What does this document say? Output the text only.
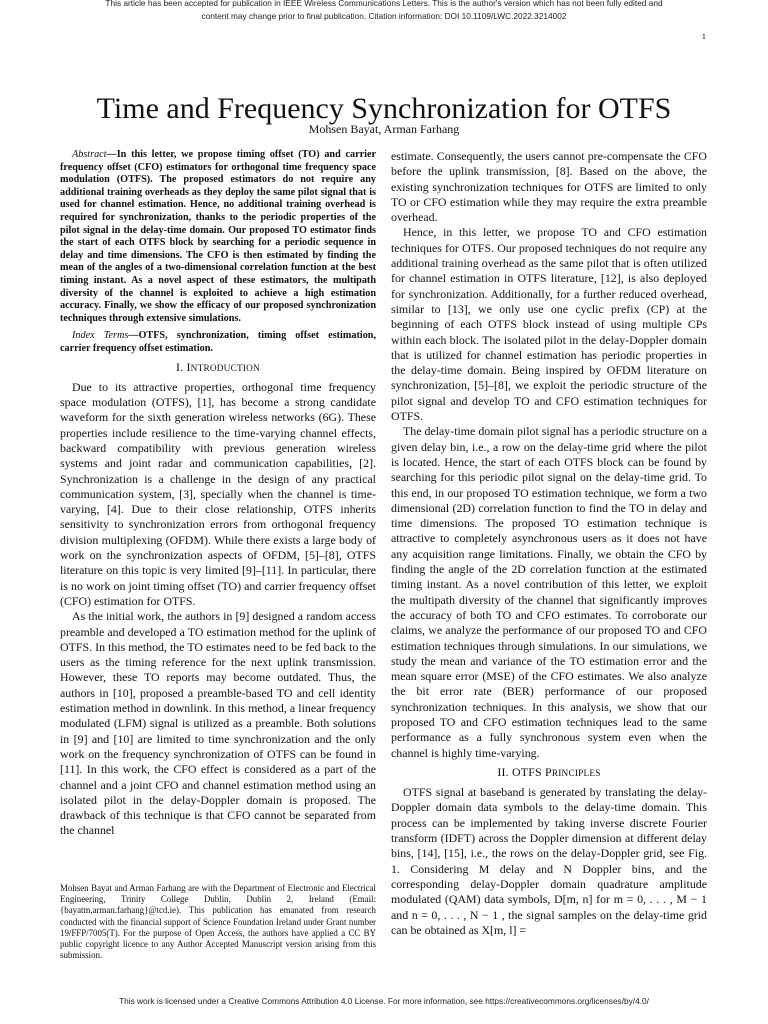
This article has been accepted for publication in IEEE Wireless Communications Letters. This is the author's version which has not been fully edited and
content may change prior to final publication. Citation information: DOI 10.1109/LWC.2022.3214002
1
Time and Frequency Synchronization for OTFS
Mohsen Bayat, Arman Farhang

Abstract—In this letter, we propose timing offset (TO) and carrier frequency offset (CFO) estimators for orthogonal time frequency space modulation (OTFS). The proposed estimators do not require any additional training overheads as they deploy the same pilot signal that is used for channel estimation. Hence, no additional training overhead is required for synchronization, thanks to the periodic properties of the pilot signal in the delay-time domain. Our proposed TO estimator finds the start of each OTFS block by searching for a periodic sequence in delay and time dimensions. The CFO is then estimated by finding the mean of the angles of a two-dimensional correlation function at the best timing instant. As a novel aspect of these estimators, the multipath diversity of the channel is exploited to achieve a high estimation accuracy. Finally, we show the efficacy of our proposed synchronization techniques through extensive simulations.

Index Terms—OTFS, synchronization, timing offset estimation, carrier frequency offset estimation.

I. INTRODUCTION

Due to its attractive properties, orthogonal time frequency space modulation (OTFS), [1], has become a strong candidate waveform for the sixth generation wireless networks (6G). These properties include resilience to the time-varying channel effects, backward compatibility with previous generation wireless systems and joint radar and communication capabilities, [2]. Synchronization is a challenge in the design of any practical communication system, [3], specially when the channel is time-varying, [4]. Due to their close relationship, OTFS inherits sensitivity to synchronization errors from orthogonal frequency division multiplexing (OFDM). While there exists a large body of work on the synchronization aspects of OFDM, [5]–[8], OTFS literature on this topic is very limited [9]–[11]. In particular, there is no work on joint timing offset (TO) and carrier frequency offset (CFO) estimation for OTFS.

As the initial work, the authors in [9] designed a random access preamble and developed a TO estimation method for the uplink of OTFS. In this method, the TO estimates need to be fed back to the users as the timing reference for the next uplink transmission. However, these TO reports may become outdated. Thus, the authors in [10], proposed a preamble-based TO and cell identity estimation method in downlink. In this method, a linear frequency modulated (LFM) signal is utilized as a preamble. Both solutions in [9] and [10] are limited to time synchronization and the only work on the frequency synchronization of OTFS can be found in [11]. In this work, the CFO effect is considered as a part of the channel and a joint CFO and channel estimation method using an isolated pilot in the delay-Doppler domain is proposed. The drawback of this technique is that CFO cannot be separated from the channel

estimate. Consequently, the users cannot pre-compensate the CFO before the uplink transmission, [8]. Based on the above, the existing synchronization techniques for OTFS are limited to only TO or CFO estimation while they may require the extra preamble overhead.

Hence, in this letter, we propose TO and CFO estimation techniques for OTFS. Our proposed techniques do not require any additional training overhead as the same pilot that is often utilized for channel estimation in OTFS literature, [12], is also deployed for synchronization. Additionally, for a further reduced overhead, similar to [13], we only use one cyclic prefix (CP) at the beginning of each OTFS block instead of using multiple CPs within each block. The isolated pilot in the delay-Doppler domain that is utilized for channel estimation has periodic properties in the delay-time domain. Being inspired by OFDM literature on synchronization, [5]–[8], we exploit the periodic structure of the pilot signal and develop TO and CFO estimation techniques for OTFS.

The delay-time domain pilot signal has a periodic structure on a given delay bin, i.e., a row on the delay-time grid where the pilot is located. Hence, the start of each OTFS block can be found by searching for this periodic pilot signal on the delay-time grid. To this end, in our proposed TO estimation technique, we form a two dimensional (2D) correlation function to find the TO in delay and time dimensions. The proposed TO estimation technique is attractive to completely asynchronous users as it does not have any acquisition range limitations. Finally, we obtain the CFO by finding the angle of the 2D correlation function at the estimated timing instant. As a novel contribution of this letter, we exploit the multipath diversity of the channel that significantly improves the accuracy of both TO and CFO estimates. To corroborate our claims, we analyze the performance of our proposed TO and CFO estimation techniques through simulations. In our simulations, we study the mean and variance of the TO estimation error and the mean square error (MSE) of the CFO estimates. We also analyze the bit error rate (BER) performance of our proposed synchronization techniques. In this analysis, we show that our proposed TO and CFO estimation techniques lead to the same performance as a fully synchronous system even when the channel is highly time-varying.

II. OTFS PRINCIPLES

OTFS signal at baseband is generated by translating the delay-Doppler domain data symbols to the delay-time domain. This process can be implemented by taking inverse discrete Fourier transform (IDFT) across the Doppler dimension at different delay bins, [14], [15], i.e., the rows on the delay-Doppler grid, see Fig. 1. Considering M delay and N Doppler bins, and the corresponding delay-Doppler domain quadrature amplitude modulated (QAM) data symbols, D[m, n] for m = 0, . . . , M − 1 and n = 0, . . . , N − 1 , the signal samples on the delay-time grid can be obtained as X[m, l] =

Mohsen Bayat and Arman Farhang are with the Department of Electronic and Electrical Engineering, Trinity College Dublin, Dublin 2, Ireland (Email: {bayatm,arman.farhang}@tcd.ie). This publication has emanated from research conducted with the financial support of Science Foundation Ireland under Grant number 19/FFP/7005(T). For the purpose of Open Access, the authors have applied a CC BY public copyright licence to any Author Accepted Manuscript version arising from this submission.
This work is licensed under a Creative Commons Attribution 4.0 License. For more information, see https://creativecommons.org/licenses/by/4.0/
